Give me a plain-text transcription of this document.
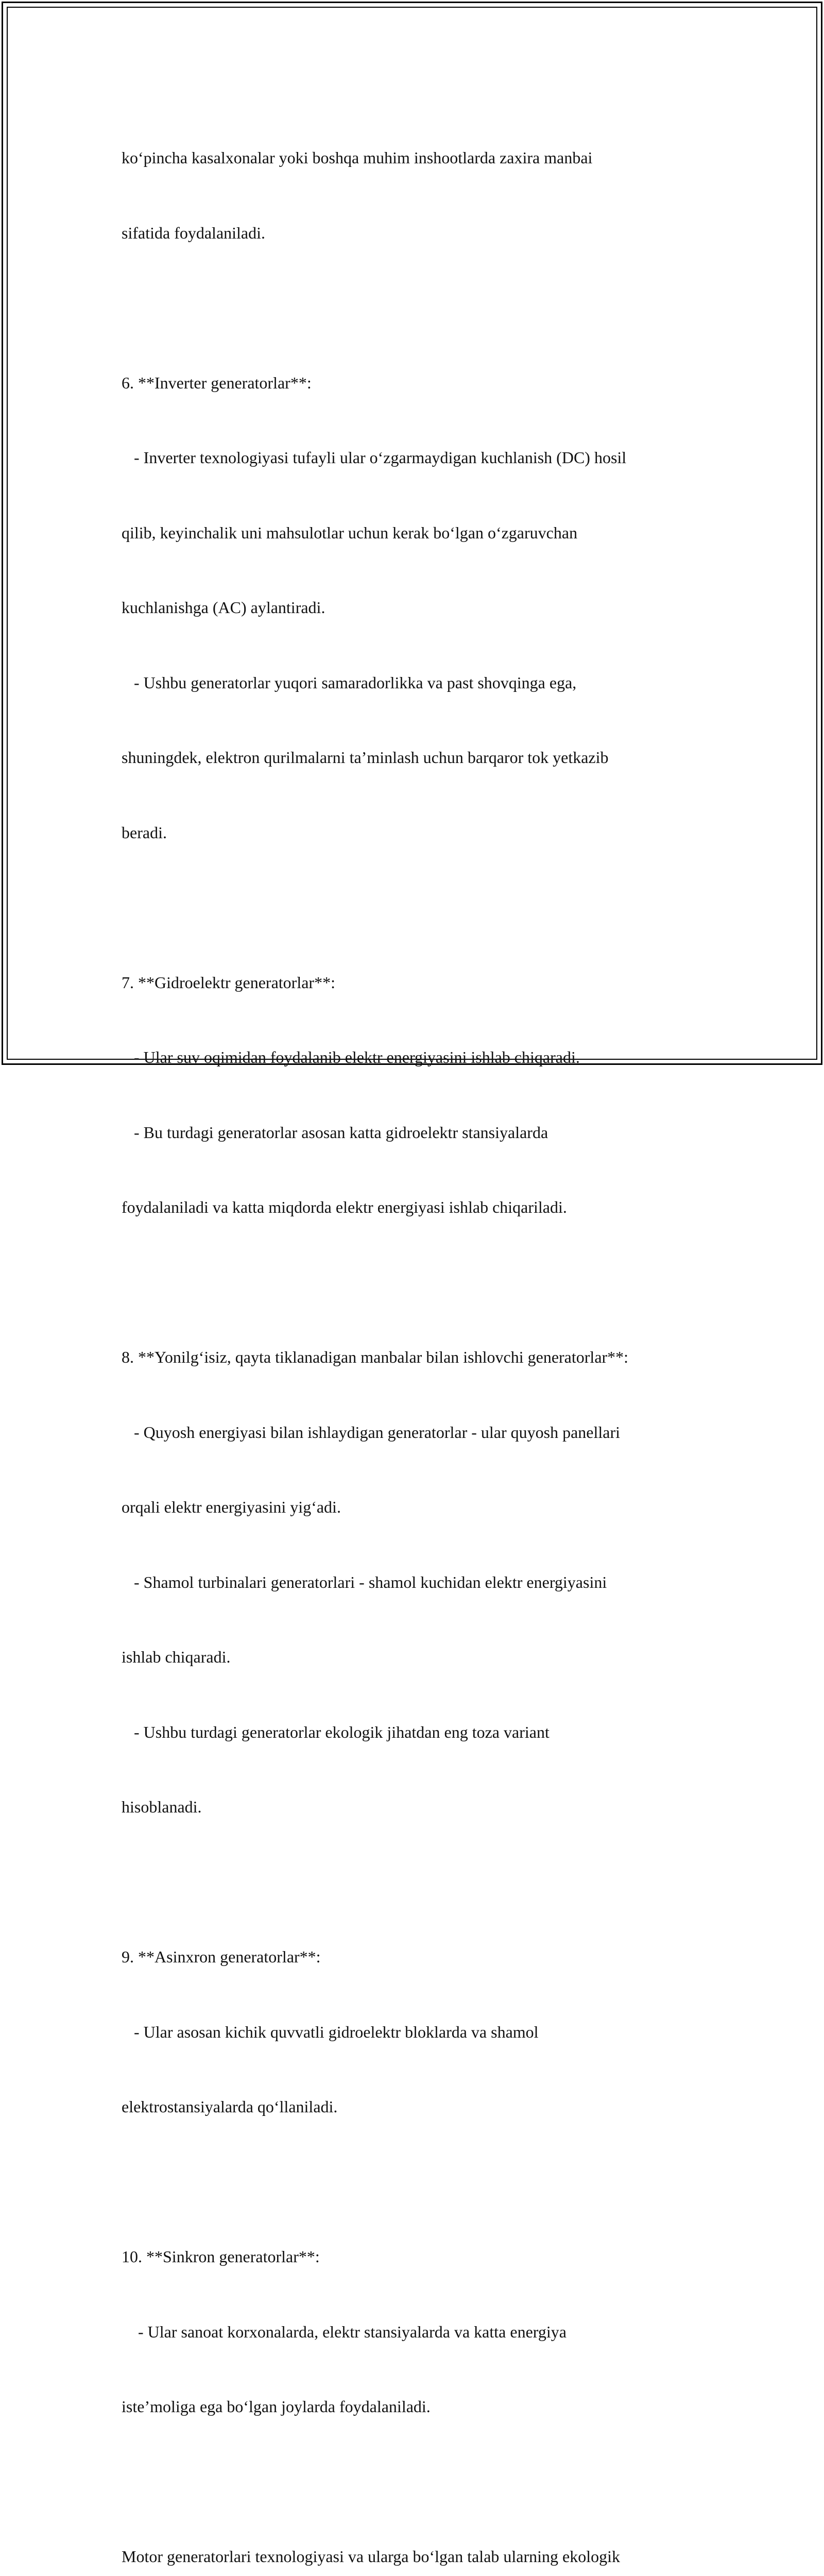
koʻpincha kasalxonalar yoki boshqa muhim inshootlarda zaxira manbai

sifatida foydalaniladi.

6. **Inverter generatorlar**:

- Inverter texnologiyasi tufayli ular oʻzgarmaydigan kuchlanish (DC) hosil

qilib, keyinchalik uni mahsulotlar uchun kerak boʻlgan oʻzgaruvchan

kuchlanishga (AC) aylantiradi.

- Ushbu generatorlar yuqori samaradorlikka va past shovqinga ega,

shuningdek, elektron qurilmalarni ta’minlash uchun barqaror tok yetkazib

beradi.

7. **Gidroelektr generatorlar**:

- Ular suv oqimidan foydalanib elektr energiyasini ishlab chiqaradi.

- Bu turdagi generatorlar asosan katta gidroelektr stansiyalarda

foydalaniladi va katta miqdorda elektr energiyasi ishlab chiqariladi.

8. **Yonilgʻisiz, qayta tiklanadigan manbalar bilan ishlovchi generatorlar**:

- Quyosh energiyasi bilan ishlaydigan generatorlar - ular quyosh panellari

orqali elektr energiyasini yigʻadi.

- Shamol turbinalari generatorlari - shamol kuchidan elektr energiyasini

ishlab chiqaradi.

- Ushbu turdagi generatorlar ekologik jihatdan eng toza variant

hisoblanadi.

9. **Asinxron generatorlar**:

- Ular asosan kichik quvvatli gidroelektr bloklarda va shamol

elektrostansiyalarda qoʻllaniladi.

10. **Sinkron generatorlar**:

- Ular sanoat korxonalarda, elektr stansiyalarda va katta energiya

iste’moliga ega boʻlgan joylarda foydalaniladi.

Motor generatorlari texnologiyasi va ularga boʻlgan talab ularning ekologik
